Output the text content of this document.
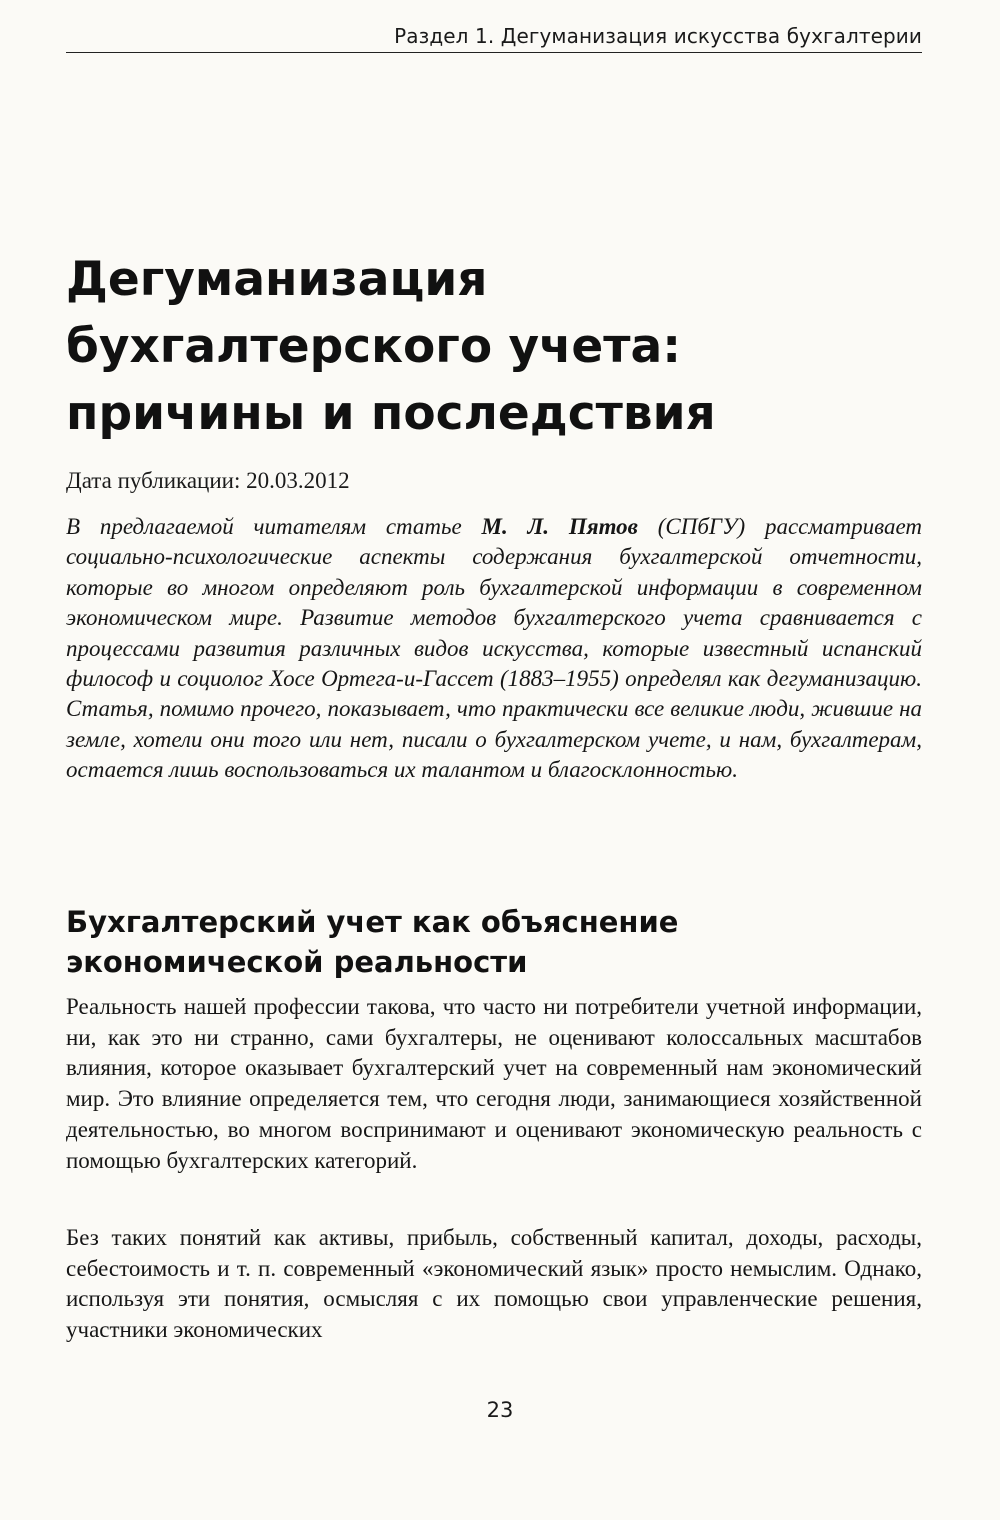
Раздел 1. Дегуманизация искусства бухгалтерии
Дегуманизация бухгалтерского учета: причины и последствия
Дата публикации: 20.03.2012

В предлагаемой читателям статье М. Л. Пятов (СПбГУ) рассматривает социально-психологические аспекты содержания бухгалтерской отчетности, которые во многом определяют роль бухгалтерской информации в современном экономическом мире. Развитие методов бухгалтерского учета сравнивается с процессами развития различных видов искусства, которые известный испанский философ и социолог Хосе Ортега-и-Гассет (1883–1955) определял как дегуманизацию. Статья, помимо прочего, показывает, что практически все великие люди, жившие на земле, хотели они того или нет, писали о бухгалтерском учете, и нам, бухгалтерам, остается лишь воспользоваться их талантом и благосклонностью.

Бухгалтерский учет как объяснение экономической реальности

Реальность нашей профессии такова, что часто ни потребители учетной информации, ни, как это ни странно, сами бухгалтеры, не оценивают колоссальных масштабов влияния, которое оказывает бухгалтерский учет на современный нам экономический мир. Это влияние определяется тем, что сегодня люди, занимающиеся хозяйственной деятельностью, во многом воспринимают и оценивают экономическую реальность с помощью бухгалтерских категорий.

Без таких понятий как активы, прибыль, собственный капитал, доходы, расходы, себестоимость и т. п. современный «экономический язык» просто немыслим. Однако, используя эти понятия, осмысляя с их помощью свои управленческие решения, участники экономических

23
